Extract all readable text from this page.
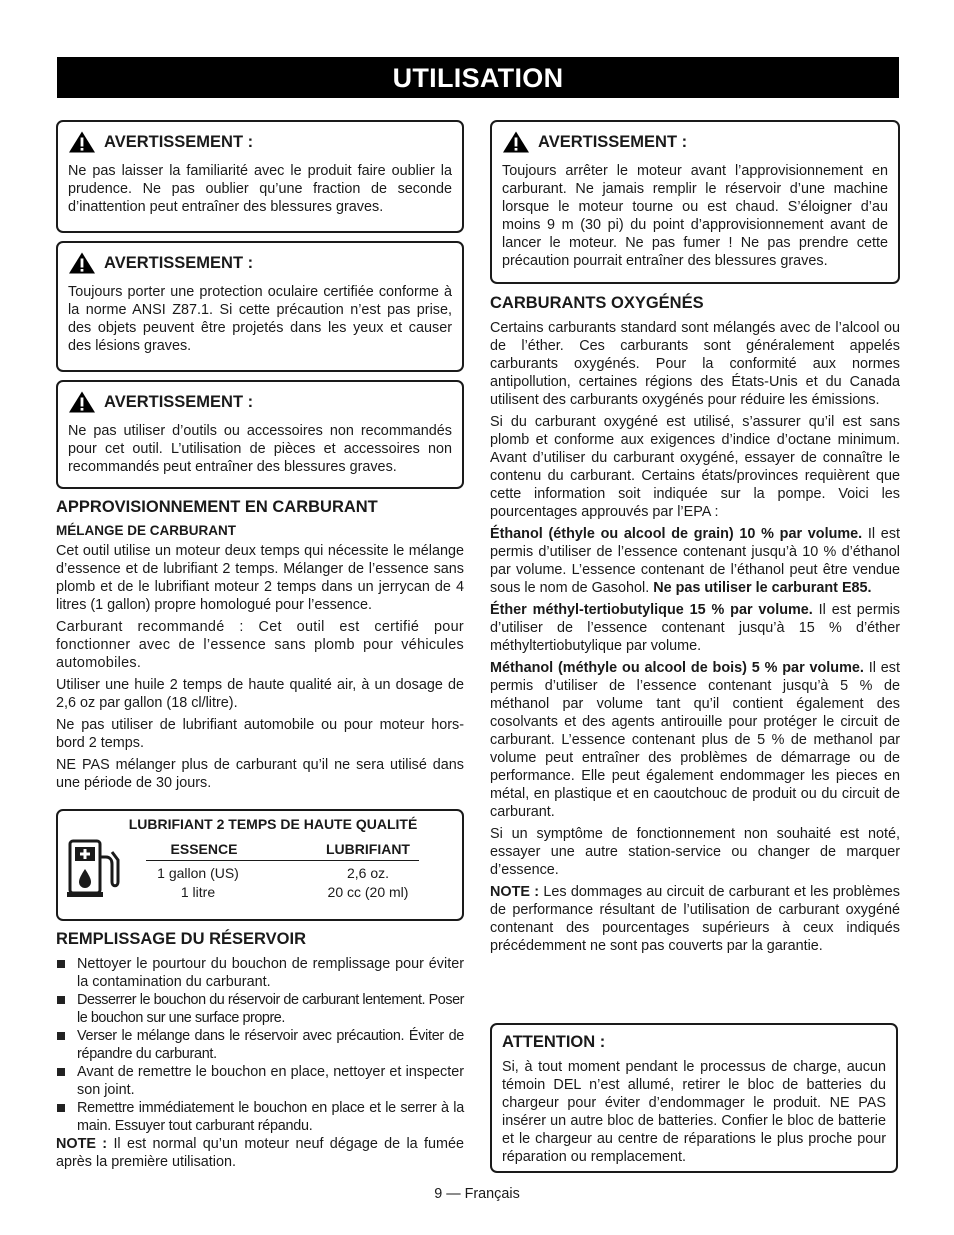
UTILISATION
AVERTISSEMENT :

Ne pas laisser la familiarité avec le produit faire oublier la prudence. Ne pas oublier qu’une fraction de seconde d’inattention peut entraîner des blessures graves.

AVERTISSEMENT :

Toujours porter une protection oculaire certifiée conforme à la norme ANSI Z87.1. Si cette précaution n’est pas prise, des objets peuvent être projetés dans les yeux et causer des lésions graves.

AVERTISSEMENT :

Ne pas utiliser d’outils ou accessoires non recommandés pour cet outil. L’utilisation de pièces et accessoires non recommandés peut entraîner des blessures graves.

APPROVISIONNEMENT EN CARBURANT
MÉLANGE DE CARBURANT

Cet outil utilise un moteur deux temps qui nécessite le mélange d’essence et de lubrifiant 2 temps. Mélanger de l’essence sans plomb et de le lubrifiant moteur 2 temps dans un jerrycan de 4 litres (1 gallon) propre homologué pour l’essence.

Carburant recommandé : Cet outil est certifié pour fonctionner avec de l’essence sans plomb pour véhicules automobiles.

Utiliser une huile 2 temps de haute qualité air, à un dosage de 2,6 oz par gallon (18 cl/litre).

Ne pas utiliser de lubrifiant automobile ou pour moteur hors-bord 2 temps.

NE PAS mélanger plus de carburant qu’il ne sera utilisé dans une période de 30 jours.

LUBRIFIANT 2 TEMPS DE HAUTE QUALITÉ
ESSENCE	LUBRIFIANT
1 gallon (US)
1 litre
2,6 oz.
20 cc (20 ml)
REMPLISSAGE DU RÉSERVOIR
Nettoyer le pourtour du bouchon de remplissage pour éviter la contamination du carburant.
Desserrer le bouchon du réservoir de carburant lentement. Poser le bouchon sur une surface propre.
Verser le mélange dans le réservoir avec précaution. Éviter de répandre du carburant.
Avant de remettre le bouchon en place, nettoyer et inspecter son joint.
Remettre immédiatement le bouchon en place et le serrer à la main. Essuyer tout carburant répandu.

NOTE : Il est normal qu’un moteur neuf dégage de la fumée après la première utilisation.

AVERTISSEMENT :

Toujours arrêter le moteur avant l’approvisionnement en carburant. Ne jamais remplir le réservoir d’une machine lorsque le moteur tourne ou est chaud. S’éloigner d’au moins 9 m (30 pi) du point d’approvisionnement avant de lancer le moteur. Ne pas fumer ! Ne pas prendre cette précaution pourrait entraîner des blessures graves.

CARBURANTS OXYGÉNÉS

Certains carburants standard sont mélangés avec de l’alcool ou de l’éther. Ces carburants sont généralement appelés carburants oxygénés. Pour la conformité aux normes antipollution, certaines régions des États-Unis et du Canada utilisent des carburants oxygénés pour réduire les émissions.

Si du carburant oxygéné est utilisé, s’assurer qu’il est sans plomb et conforme aux exigences d’indice d’octane minimum. Avant d’utiliser du carburant oxygéné, essayer de connaître le contenu du carburant. Certains états/provinces requièrent que cette information soit indiquée sur la pompe. Voici les pourcentages approuvés par l’EPA :

Éthanol (éthyle ou alcool de grain) 10 % par volume. Il est permis d’utiliser de l’essence contenant jusqu’à 10 % d’éthanol par volume. L’essence contenant de l’éthanol peut être vendue sous le nom de Gasohol. Ne pas utiliser le carburant E85.

Éther méthyl-tertiobutylique 15 % par volume. Il est permis d’utiliser de l’essence contenant jusqu’à 15 % d’éther méthyltertiobutylique par volume.

Méthanol (méthyle ou alcool de bois) 5 % par volume. Il est permis d’utiliser de l’essence contenant jusqu’à 5 % de méthanol par volume tant qu’il contient également des cosolvants et des agents antirouille pour protéger le circuit de carburant. L’essence contenant plus de 5 % de methanol par volume peut entraîner des problèmes de démarrage ou de performance. Elle peut également endommager les pieces en métal, en plastique et en caoutchouc de produit ou du circuit de carburant.

Si un symptôme de fonctionnement non souhaité est noté, essayer une autre station-service ou changer de marquer d’essence.

NOTE : Les dommages au circuit de carburant et les problèmes de performance résultant de l’utilisation de carburant oxygéné contenant des pourcentages supérieurs à ceux indiqués précédemment ne sont pas couverts par la garantie.

ATTENTION :

Si, à tout moment pendant le processus de charge, aucun témoin DEL n’est allumé, retirer le bloc de batteries du chargeur pour éviter d’endommager le produit. NE PAS insérer un autre bloc de batteries. Confier le bloc de batterie et le chargeur au centre de réparations le plus proche pour réparation ou remplacement.

9 — Français
